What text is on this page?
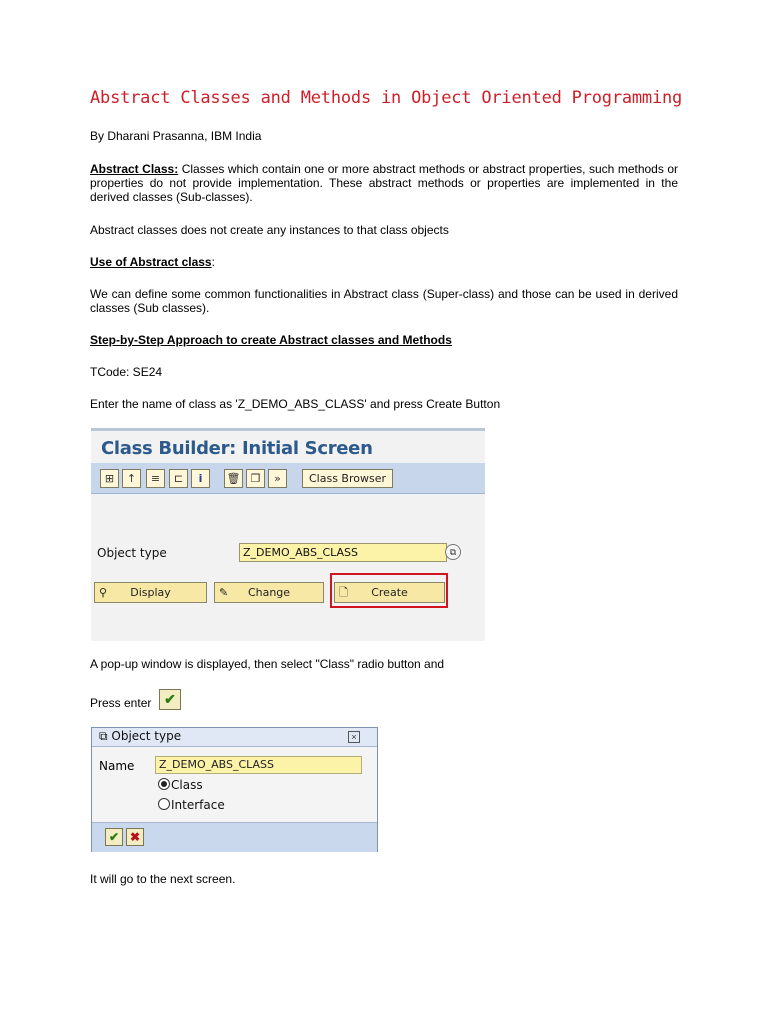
Abstract Classes and Methods in Object Oriented Programming
By Dharani Prasanna, IBM India
Abstract Class: Classes which contain one or more abstract methods or abstract properties, such methods or properties do not provide implementation. These abstract methods or properties are implemented in the derived classes (Sub-classes).
Abstract classes does not create any instances to that class objects
Use of Abstract class:
We can define some common functionalities in Abstract class (Super-class) and those can be used in derived classes (Sub classes).
Step-by-Step Approach to create Abstract classes and Methods
TCode: SE24
Enter the name of class as 'Z_DEMO_ABS_CLASS' and press Create Button
Class Builder: Initial Screen
⊞	↑	≡	⊏	i	🗑 ❐	»	Class Browser
Object type	Z_DEMO_ABS_CLASS	⧉
⚲	Display	✎	Change	🗋	Create
A pop-up window is displayed, then select "Class" radio button and
Press enter ✔
⧉ Object type	×
Name	Z_DEMO_ABS_CLASS
Class
Interface
✔ ✖
It will go to the next screen.
